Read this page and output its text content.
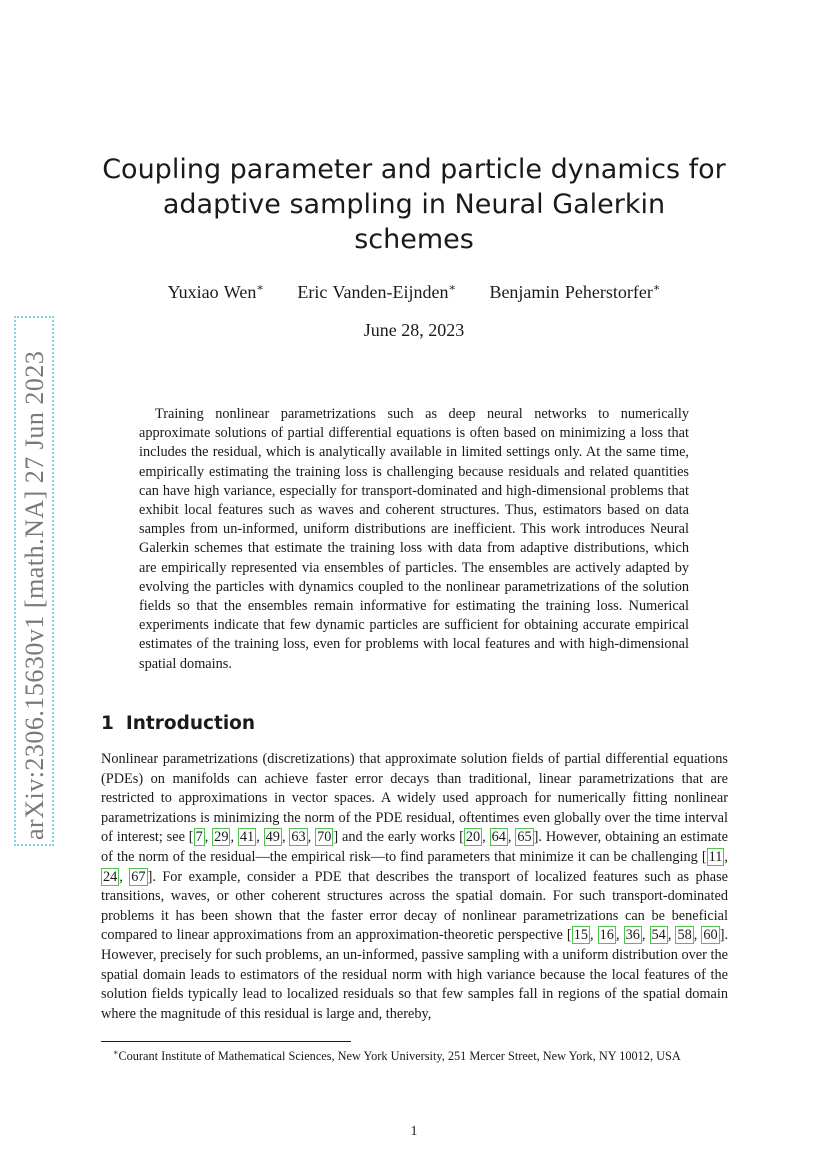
arXiv:2306.15630v1 [math.NA] 27 Jun 2023
Coupling parameter and particle dynamics for adaptive sampling in Neural Galerkin schemes
Yuxiao Wen∗ Eric Vanden-Eijnden∗ Benjamin Peherstorfer∗
June 28, 2023

Training nonlinear parametrizations such as deep neural networks to numerically approximate solutions of partial differential equations is often based on minimizing a loss that includes the residual, which is analytically available in limited settings only. At the same time, empirically estimating the training loss is challenging because residuals and related quantities can have high variance, especially for transport-dominated and high-dimensional problems that exhibit local features such as waves and coherent structures. Thus, estimators based on data samples from un-informed, uniform distributions are inefficient. This work introduces Neural Galerkin schemes that estimate the training loss with data from adaptive distributions, which are empirically represented via ensembles of particles. The ensembles are actively adapted by evolving the particles with dynamics coupled to the nonlinear parametrizations of the solution fields so that the ensembles remain informative for estimating the training loss. Numerical experiments indicate that few dynamic particles are sufficient for obtaining accurate empirical estimates of the training loss, even for problems with local features and with high-dimensional spatial domains.

1 Introduction

Nonlinear parametrizations (discretizations) that approximate solution fields of partial differential equations (PDEs) on manifolds can achieve faster error decays than traditional, linear parametrizations that are restricted to approximations in vector spaces. A widely used approach for numerically fitting nonlinear parametrizations is minimizing the norm of the PDE residual, oftentimes even globally over the time interval of interest; see [ 7 , 29 , 41 , 49 , 63 , 70 ] and the early works [ 20 , 64 , 65 ]. However, obtaining an estimate of the norm of the residual—the empirical risk—to find parameters that minimize it can be challenging [ 11 , 24 , 67 ]. For example, consider a PDE that describes the transport of localized features such as phase transitions, waves, or other coherent structures across the spatial domain. For such transport-dominated problems it has been shown that the faster error decay of nonlinear parametrizations can be beneficial compared to linear approximations from an approximation-theoretic perspective [ 15 , 16 , 36 , 54 , 58 , 60 ]. However, precisely for such problems, an un-informed, passive sampling with a uniform distribution over the spatial domain leads to estimators of the residual norm with high variance because the local features of the solution fields typically lead to localized residuals so that few samples fall in regions of the spatial domain where the magnitude of this residual is large and, thereby,

∗Courant Institute of Mathematical Sciences, New York University, 251 Mercer Street, New York, NY 10012, USA
1
